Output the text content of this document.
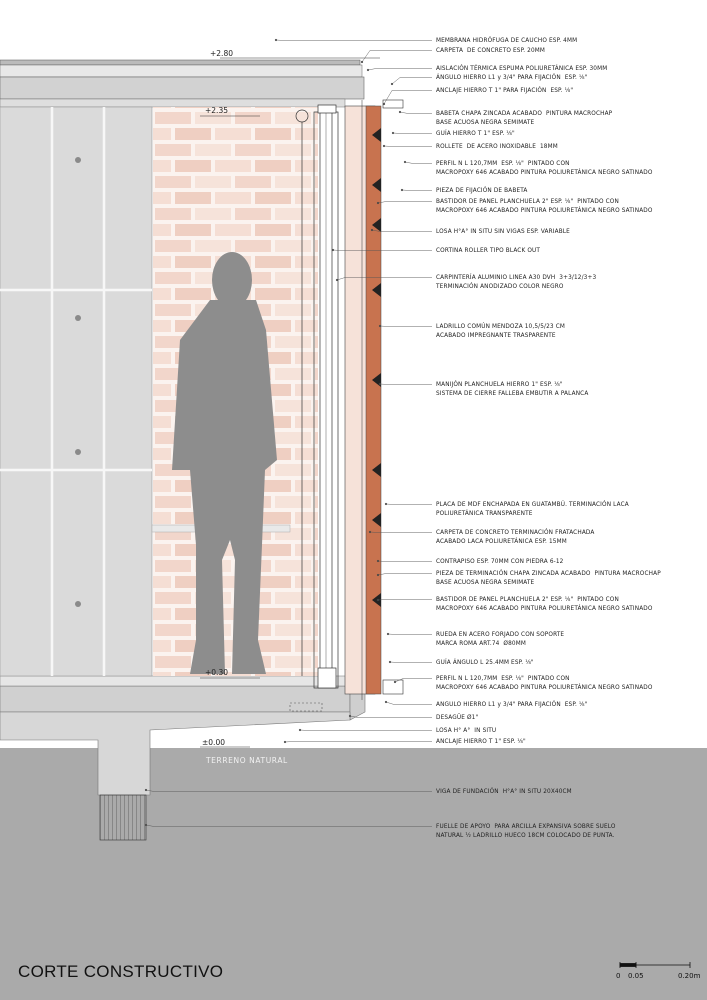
+2.80
+2.35
+0.30
±0.00
TERRENO NATURAL
MEMBRANA HIDRÓFUGA DE CAUCHO ESP. 4MM
CARPETA  DE CONCRETO ESP. 20MM
AISLACIÓN TÉRMICA ESPUMA POLIURETÁNICA ESP. 30MM
ÁNGULO HIERRO L1 y 3/4" PARA FIJACIÓN  ESP. ⅛"
ANCLAJE HIERRO T 1" PARA FIJACIÓN  ESP. ⅛"
BABETA CHAPA ZINCADA ACABADO  PINTURA MACROCHAP
BASE ACUOSA NEGRA SEMIMATE
GUÍA HIERRO T 1" ESP. ⅛"
ROLLETE  DE ACERO INOXIDABLE  18MM
PERFIL N L 120,7MM  ESP. ⅛"  PINTADO CON
MACROPOXY 646 ACABADO PINTURA POLIURETÁNICA NEGRO SATINADO
PIEZA DE FIJACIÓN DE BABETA
BASTIDOR DE PANEL PLANCHUELA 2" ESP. ⅛"  PINTADO CON
MACROPOXY 646 ACABADO PINTURA POLIURETÁNICA NEGRO SATINADO
LOSA H°A° IN SITU SIN VIGAS ESP. VARIABLE
CORTINA ROLLER TIPO BLACK OUT
CARPINTERÍA ALUMINIO LINEA A30 DVH  3+3/12/3+3
TERMINACIÓN ANODIZADO COLOR NEGRO
LADRILLO COMÚN MENDOZA 10,5/5/23 CM
ACABADO IMPREGNANTE TRASPARENTE
MANIJÓN PLANCHUELA HIERRO 1" ESP. ⅛"
SISTEMA DE CIERRE FALLEBA EMBUTIR A PALANCA
PLACA DE MDF ENCHAPADA EN GUATAMBÚ. TERMINACIÓN LACA
POLIURETÁNICA TRANSPARENTE
CARPETA DE CONCRETO TERMINACIÓN FRATACHADA
ACABADO LACA POLIURETÁNICA ESP. 15MM
CONTRAPISO ESP. 70MM CON PIEDRA 6-12
PIEZA DE TERMINACIÓN CHAPA ZINCADA ACABADO  PINTURA MACROCHAP
BASE ACUOSA NEGRA SEMIMATE
BASTIDOR DE PANEL PLANCHUELA 2" ESP. ⅛"  PINTADO CON
MACROPOXY 646 ACABADO PINTURA POLIURETÁNICA NEGRO SATINADO
RUEDA EN ACERO FORJADO CON SOPORTE
MARCA ROMA ART.74  Ø80MM
GUÍA ÁNGULO L 25.4MM ESP. ⅛"
PERFIL N L 120,7MM  ESP. ⅛"  PINTADO CON
MACROPOXY 646 ACABADO PINTURA POLIURETÁNICA NEGRO SATINADO
ANGULO HIERRO L1 y 3/4" PARA FIJACIÓN  ESP. ⅛"
DESAGÜE Ø1"
LOSA H° A°  IN SITU
ANCLAJE HIERRO T 1" ESP. ⅛"
VIGA DE FUNDACIÓN  H°A° IN SITU 20X40CM
FUELLE DE APOYO  PARA ARCILLA EXPANSIVA SOBRE SUELO
NATURAL ½ LADRILLO HUECO 18CM COLOCADO DE PUNTA.
CORTE CONSTRUCTIVO	0 0.05	0.20m
